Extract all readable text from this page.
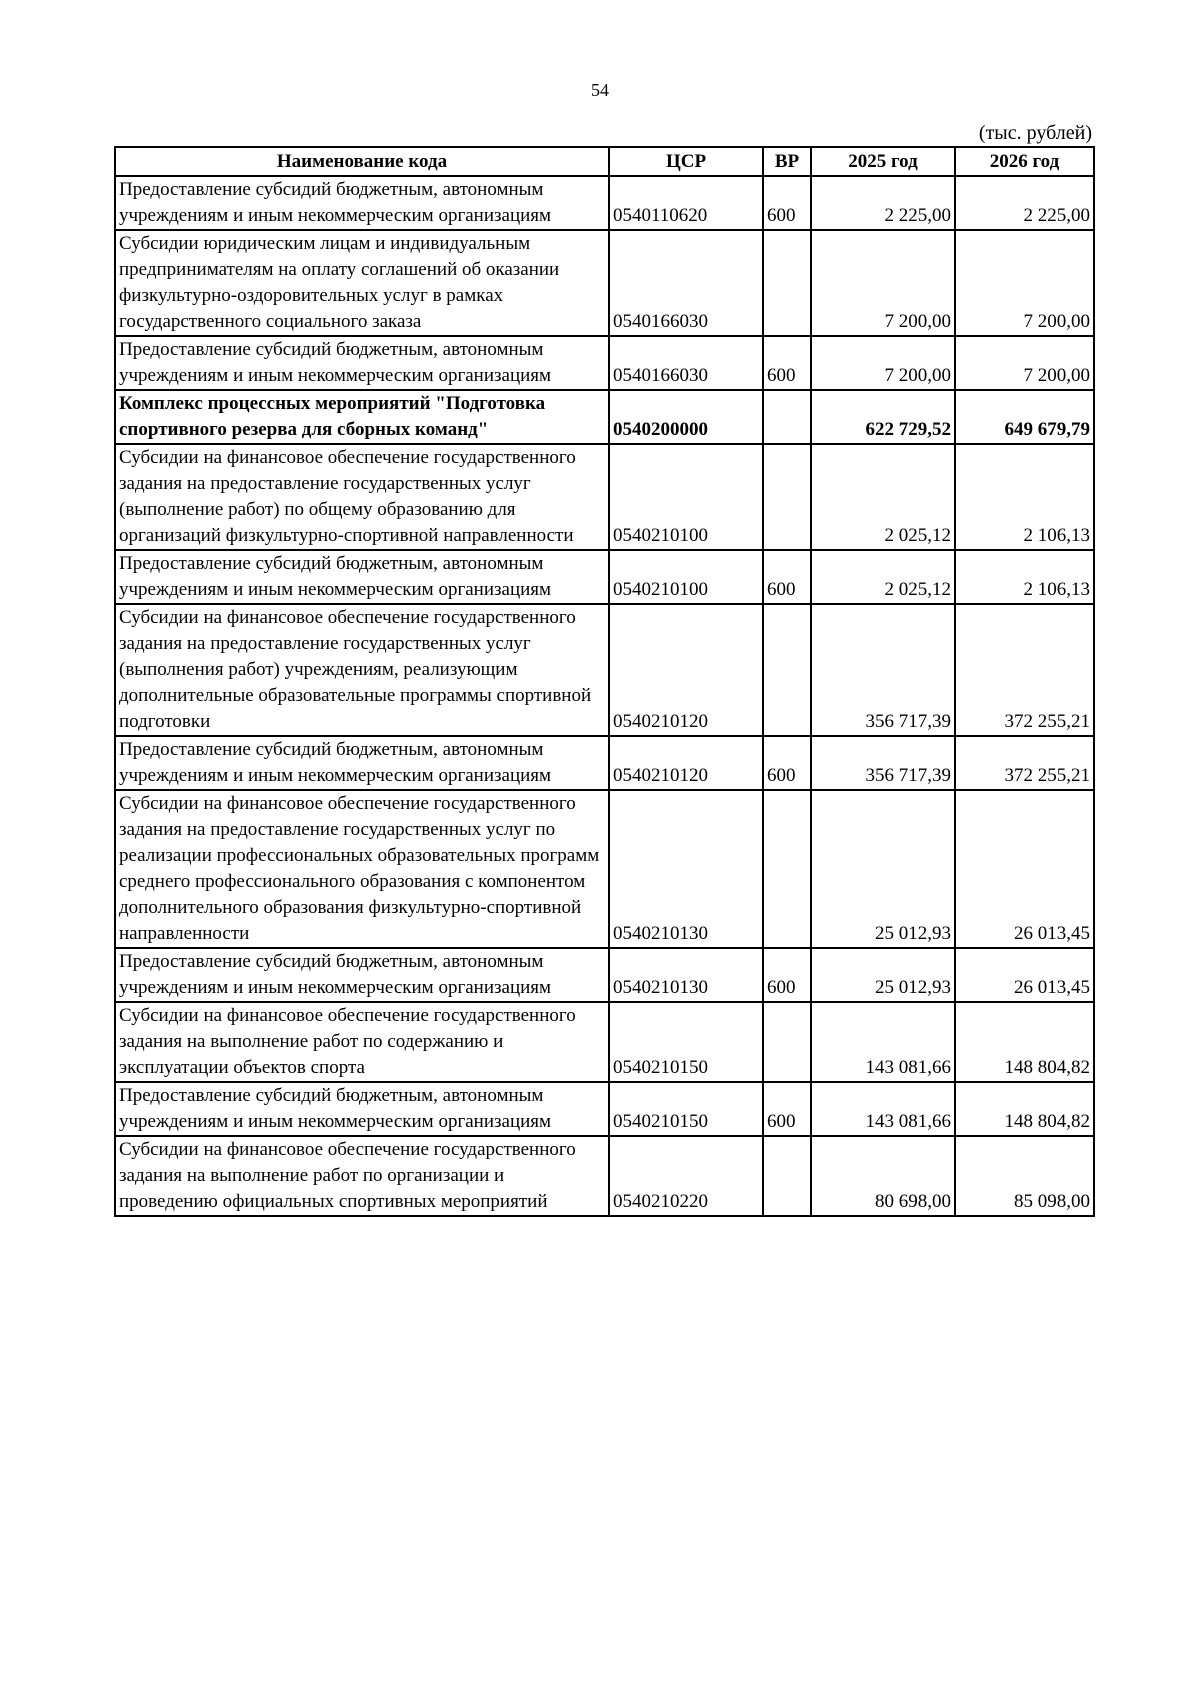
54
(тыс. рублей)
Наименование кода	ЦСР	ВР	2025 год	2026 год
Предоставление субсидий бюджетным, автономным учреждениям и иным некоммерческим организациям	0540110620	600	2 225,00	2 225,00
Субсидии юридическим лицам и индивидуальным предпринимателям на оплату соглашений об оказании физкультурно-оздоровительных услуг в рамках государственного социального заказа	0540166030		7 200,00	7 200,00
Предоставление субсидий бюджетным, автономным учреждениям и иным некоммерческим организациям	0540166030	600	7 200,00	7 200,00
Комплекс процессных мероприятий "Подготовка спортивного резерва для сборных команд"	0540200000		622 729,52	649 679,79
Субсидии на финансовое обеспечение государственного задания на предоставление государственных услуг (выполнение работ) по общему образованию для организаций физкультурно-спортивной направленности	0540210100		2 025,12	2 106,13
Предоставление субсидий бюджетным, автономным учреждениям и иным некоммерческим организациям	0540210100	600	2 025,12	2 106,13
Субсидии на финансовое обеспечение государственного задания на предоставление государственных услуг (выполнения работ) учреждениям, реализующим дополнительные образовательные программы спортивной подготовки	0540210120		356 717,39	372 255,21
Предоставление субсидий бюджетным, автономным учреждениям и иным некоммерческим организациям	0540210120	600	356 717,39	372 255,21
Субсидии на финансовое обеспечение государственного задания на предоставление государственных услуг по реализации профессиональных образовательных программ среднего профессионального образования с компонентом дополнительного образования физкультурно-спортивной направленности	0540210130		25 012,93	26 013,45
Предоставление субсидий бюджетным, автономным учреждениям и иным некоммерческим организациям	0540210130	600	25 012,93	26 013,45
Субсидии на финансовое обеспечение государственного задания на выполнение работ по содержанию и эксплуатации объектов спорта	0540210150		143 081,66	148 804,82
Предоставление субсидий бюджетным, автономным учреждениям и иным некоммерческим организациям	0540210150	600	143 081,66	148 804,82
Субсидии на финансовое обеспечение государственного задания на выполнение работ по организации и проведению официальных спортивных мероприятий	0540210220		80 698,00	85 098,00
